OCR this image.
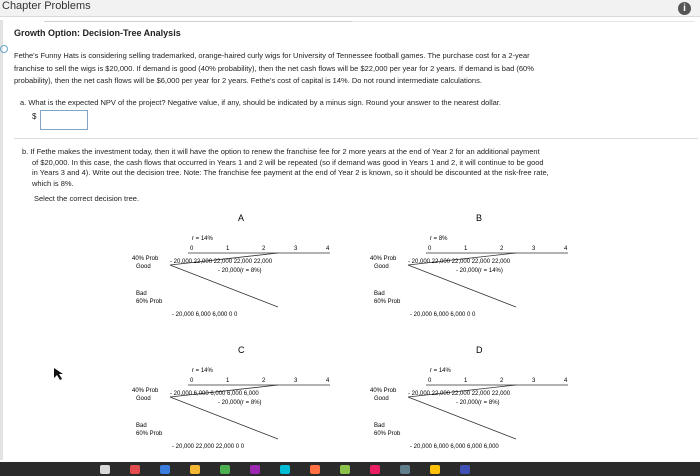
Chapter Problems	i
Growth Option: Decision-Tree Analysis
Fethe's Funny Hats is considering selling trademarked, orange-haired curly wigs for University of Tennessee football games. The purchase cost for a 2-year
franchise to sell the wigs is $20,000. If demand is good (40% probability), then the net cash flows will be $22,000 per year for 2 years. If demand is bad (60%
probability), then the net cash flows will be $6,000 per year for 2 years. Fethe's cost of capital is 14%. Do not round intermediate calculations.
a. What is the expected NPV of the project? Negative value, if any, should be indicated by a minus sign. Round your answer to the nearest dollar.
$
b. If Fethe makes the investment today, then it will have the option to renew the franchise fee for 2 more years at the end of Year 2 for an additional payment
of $20,000. In this case, the cash flows that occurred in Years 1 and 2 will be repeated (so if demand was good in Years 1 and 2, it will continue to be good
in Years 3 and 4). Write out the decision tree. Note: The franchise fee payment at the end of Year 2 is known, so it should be discounted at the risk-free rate,
which is 8%.
Select the correct decision tree.
A
r = 14%
40% Prob
Good
- 20,000 22,000 22,000 22,000 22,000
- 20,000(r = 8%)
Bad
60% Prob
- 20,000 6,000 6,000 0 0
0	1	2	3	4
B
r = 8%
40% Prob
Good
- 20,000 22,000 22,000 22,000 22,000
- 20,000(r = 14%)
Bad
60% Prob
- 20,000 6,000 6,000 0 0
0	1	2	3	4
C
r = 14%
40% Prob
Good
- 20,000 6,000 6,000 6,000 6,000
- 20,000(r = 8%)
Bad
60% Prob
- 20,000 22,000 22,000 0 0
0	1	2	3	4
D
r = 14%
40% Prob
Good
- 20,000 22,000 22,000 22,000 22,000
- 20,000(r = 8%)
Bad
60% Prob
- 20,000 6,000 6,000 6,000 6,000
0	1	2	3	4
